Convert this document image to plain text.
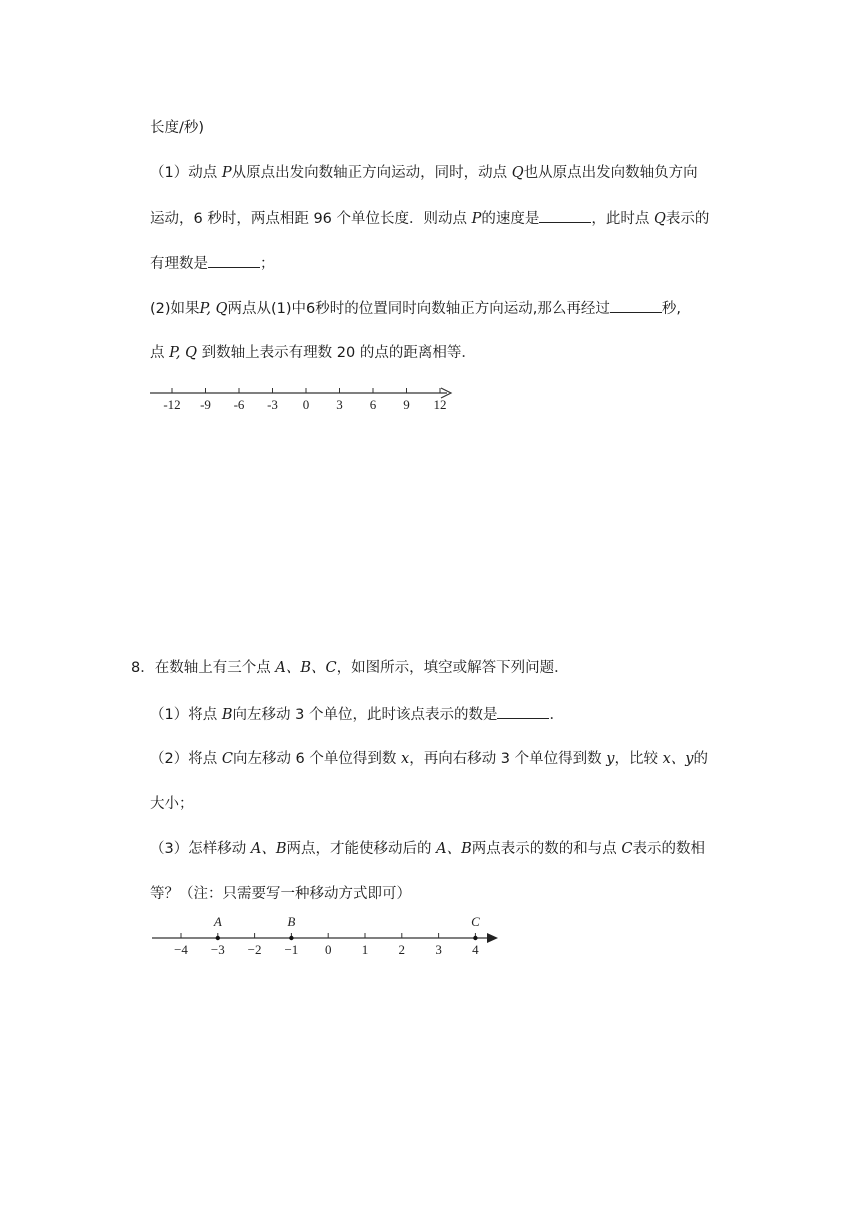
长度/秒)
（1）动点 P从原点出发向数轴正方向运动，同时，动点 Q也从原点出发向数轴负方向
运动，6 秒时，两点相距 96 个单位长度．则动点 P的速度是	，此时点 Q表示的
有理数是	；
(2)如果P, Q两点从(1)中6秒时的位置同时向数轴正方向运动,那么再经过	秒,
点 P, Q 到数轴上表示有理数 20 的点的距离相等．
-12 -9 -6 -3 0 3 6 9 12
8．在数轴上有三个点 A、B、C，如图所示，填空或解答下列问题．
（1）将点 B向左移动 3 个单位，此时该点表示的数是	．
（2）将点 C向左移动 6 个单位得到数 x，再向右移动 3 个单位得到数 y，比较 x、y的
大小；
（3）怎样移动 A、B两点，才能使移动后的 A、B两点表示的数的和与点 C表示的数相
等？（注：只需要写一种移动方式即可）
−4 −3 −2 −1 0 1 2 3 4
A	B	C
